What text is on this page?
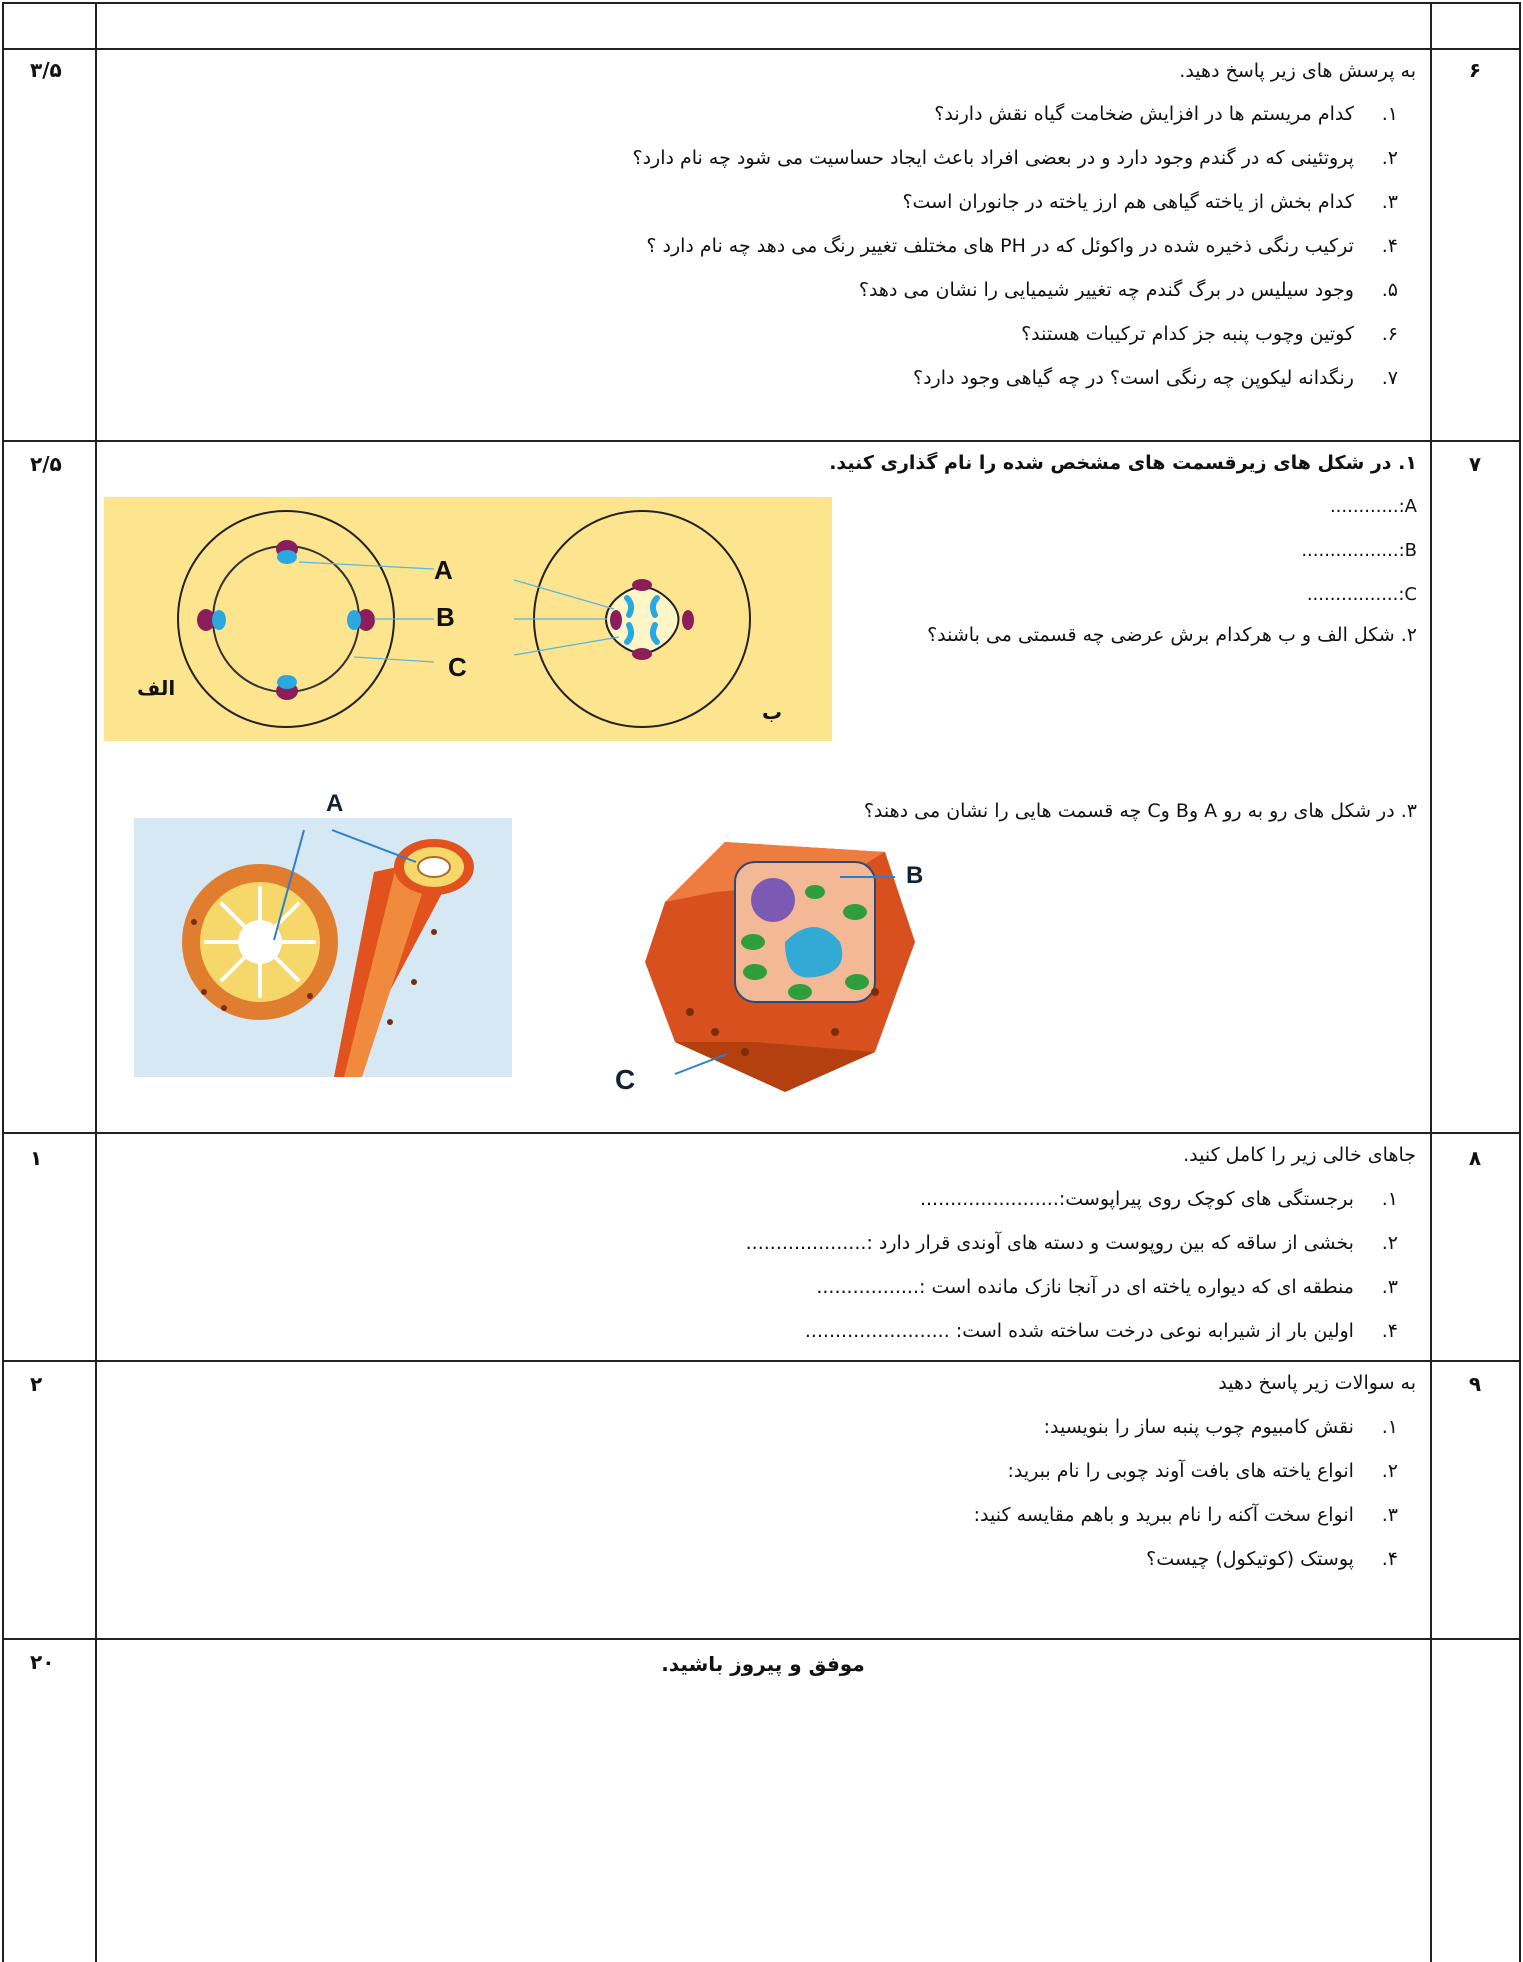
۳/۵	۶
به پرسش های زیر پاسخ دهید.
۱. کدام مریستم ها در افزایش ضخامت گیاه نقش دارند؟
۲. پروتئینی که در گندم وجود دارد و در بعضی افراد باعث ایجاد حساسیت می شود چه نام دارد؟
۳. کدام بخش از یاخته گیاهی هم ارز یاخته در جانوران است؟
۴. ترکیب رنگی ذخیره شده در واکوئل که در PH های مختلف تغییر رنگ می دهد چه نام دارد ؟
۵. وجود سیلیس در برگ گندم چه تغییر شیمیایی را نشان می دهد؟
۶. کوتین وچوب پنبه جز کدام ترکیبات هستند؟
۷. رنگدانه لیکوپن چه رنگی است؟ در چه گیاهی وجود دارد؟
۲/۵	۷
۱. در شکل های زیرقسمت های مشخص شده را نام گذاری کنید.
............:A
.................:B
................:C
۲. شکل الف و ب هرکدام برش عرضی چه قسمتی می باشند؟
۳. در شکل های رو به رو A وB وC چه قسمت هایی را نشان می دهند؟
A
B
C
الف
ب
A
B
C
۱	۸
جاهای خالی زیر را کامل کنید.
۱. برجستگی های کوچک روی پیراپوست:.......................
۲. بخشی از ساقه که بین روپوست و دسته های آوندی قرار دارد :....................
۳. منطقه ای که دیواره یاخته ای در آنجا نازک مانده است :.................
۴. اولین بار از شیرابه نوعی درخت ساخته شده است: ........................
۲	۹
به سوالات زیر پاسخ دهید
۱. نقش کامبیوم چوب پنبه ساز را بنویسید:
۲. انواع یاخته های بافت آوند چوبی را نام ببرید:
۳. انواع سخت آکنه را نام ببرید و باهم مقایسه کنید:
۴. پوستک (کوتیکول) چیست؟
۲۰	موفق و پیروز باشید.
